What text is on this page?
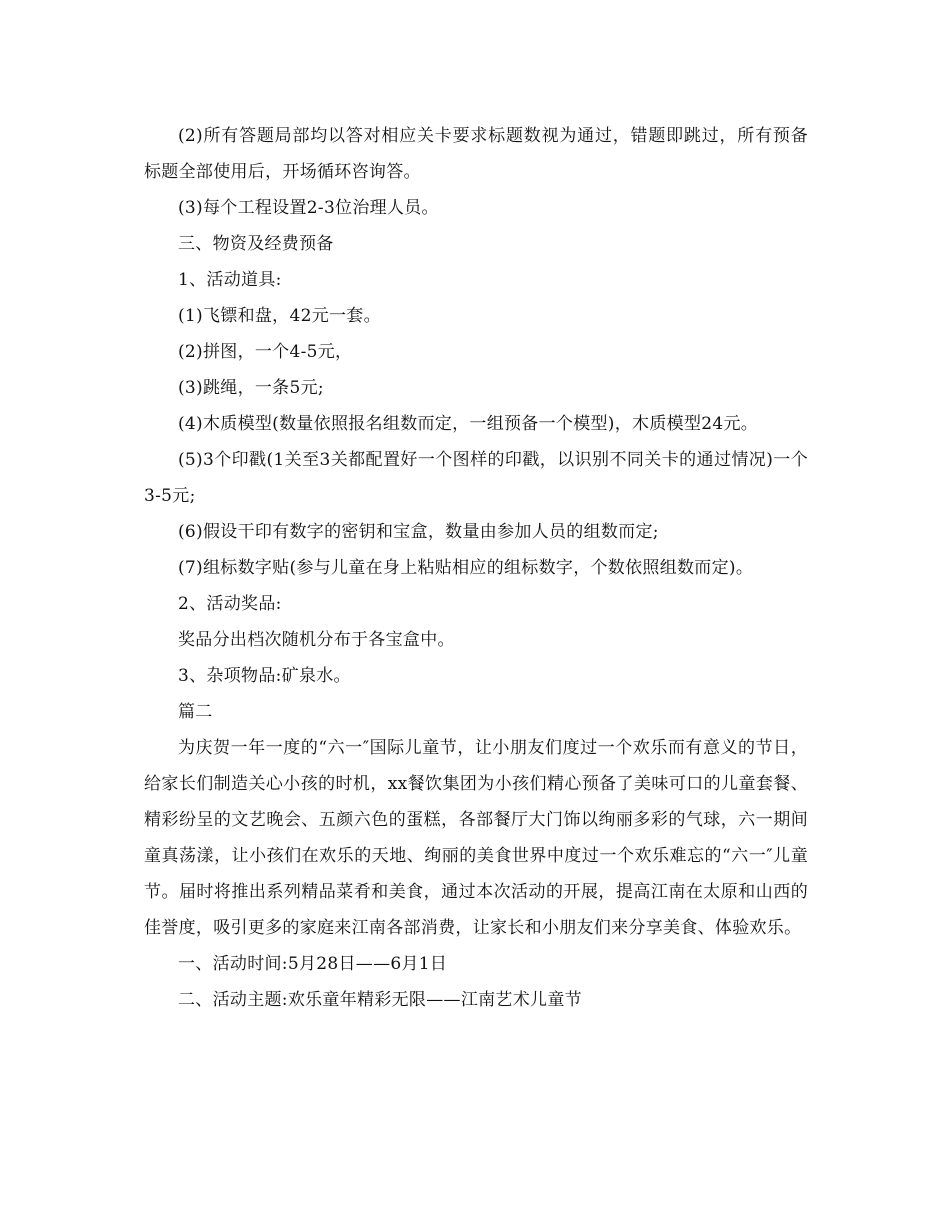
(2)所有答题局部均以答对相应关卡要求标题数视为通过，错题即跳过，所有预备标题全部使用后，开场循环咨询答。

(3)每个工程设置2-3位治理人员。

三、物资及经费预备

1、活动道具:

(1)飞镖和盘，42元一套。

(2)拼图，一个4-5元，

(3)跳绳，一条5元;

(4)木质模型(数量依照报名组数而定，一组预备一个模型)，木质模型24元。

(5)3个印戳(1关至3关都配置好一个图样的印戳，以识别不同关卡的通过情况)一个3-5元;

(6)假设干印有数字的密钥和宝盒，数量由参加人员的组数而定;

(7)组标数字贴(参与儿童在身上粘贴相应的组标数字，个数依照组数而定)。

2、活动奖品:

奖品分出档次随机分布于各宝盒中。

3、杂项物品:矿泉水。

篇二

为庆贺一年一度的“六一″国际儿童节，让小朋友们度过一个欢乐而有意义的节日，给家长们制造关心小孩的时机，xx餐饮集团为小孩们精心预备了美味可口的儿童套餐、精彩纷呈的文艺晚会、五颜六色的蛋糕，各部餐厅大门饰以绚丽多彩的气球，六一期间童真荡漾，让小孩们在欢乐的天地、绚丽的美食世界中度过一个欢乐难忘的“六一″儿童节。届时将推出系列精品菜肴和美食，通过本次活动的开展，提高江南在太原和山西的佳誉度，吸引更多的家庭来江南各部消费，让家长和小朋友们来分享美食、体验欢乐。

一、活动时间:5月28日——6月1日

二、活动主题:欢乐童年精彩无限——江南艺术儿童节
